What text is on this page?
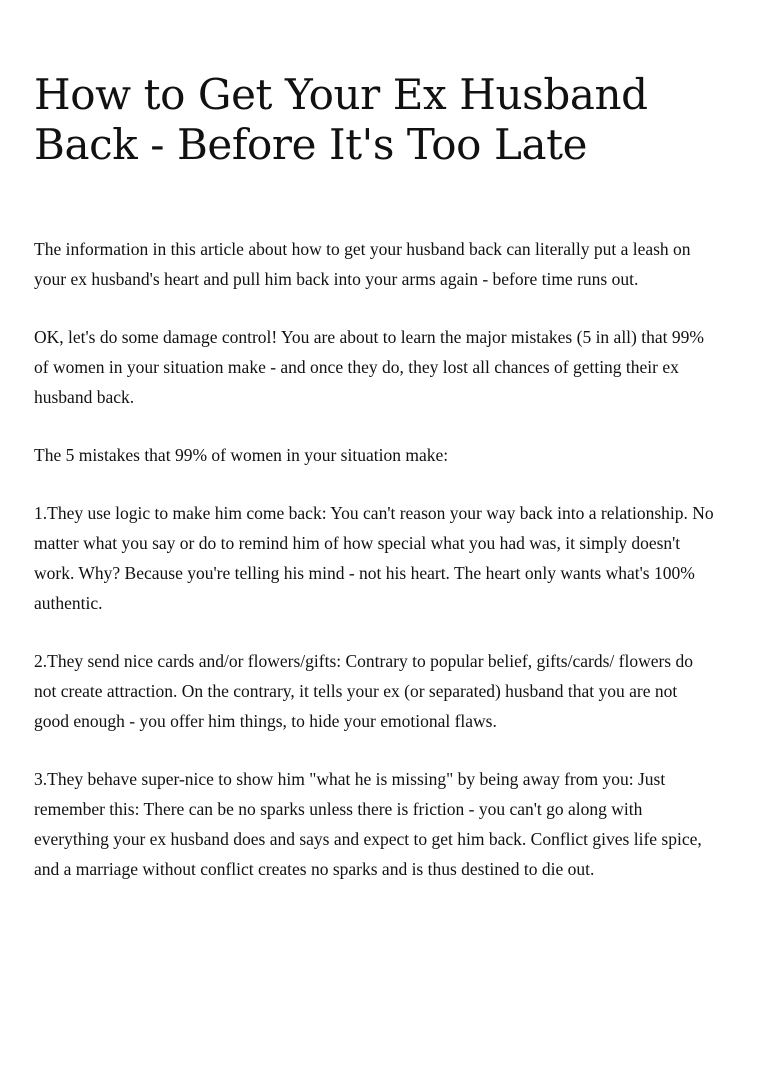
How to Get Your Ex Husband Back - Before It's Too Late

The information in this article about how to get your husband back can literally put a leash on your ex husband's heart and pull him back into your arms again - before time runs out.

OK, let's do some damage control! You are about to learn the major mistakes (5 in all) that 99% of women in your situation make - and once they do, they lost all chances of getting their ex husband back.

The 5 mistakes that 99% of women in your situation make:

1.They use logic to make him come back: You can't reason your way back into a relationship. No matter what you say or do to remind him of how special what you had was, it simply doesn't work. Why? Because you're telling his mind - not his heart. The heart only wants what's 100% authentic.

2.They send nice cards and/or flowers/gifts: Contrary to popular belief, gifts/cards/ flowers do not create attraction. On the contrary, it tells your ex (or separated) husband that you are not good enough - you offer him things, to hide your emotional flaws.

3.They behave super-nice to show him "what he is missing" by being away from you: Just remember this: There can be no sparks unless there is friction - you can't go along with everything your ex husband does and says and expect to get him back. Conflict gives life spice, and a marriage without conflict creates no sparks and is thus destined to die out.
